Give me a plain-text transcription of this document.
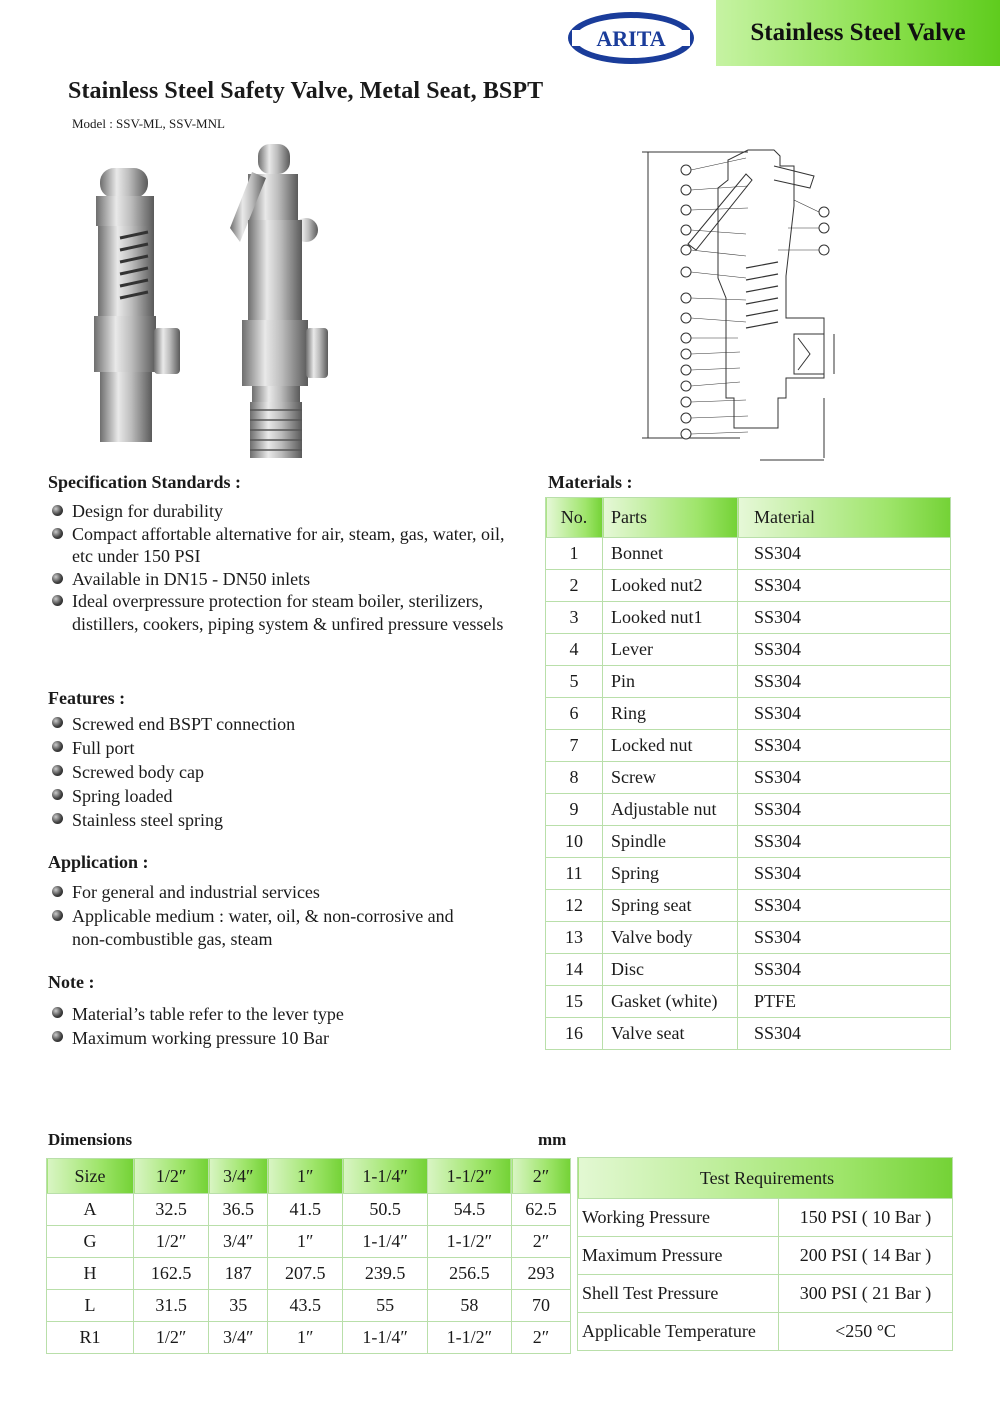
ARITA	Stainless Steel Valve
Stainless Steel Safety Valve, Metal Seat, BSPT
Model : SSV-ML, SSV-MNL
Specification Standards :
Design for durability
Compact affortable alternative for air, steam, gas, water, oil, etc under 150 PSI
Available in DN15 - DN50 inlets
Ideal overpressure protection for steam boiler, sterilizers, distillers, cookers, piping system & unfired pressure vessels
Features :
Screwed end BSPT connection
Full port
Screwed body cap
Spring loaded
Stainless steel spring
Application :
For general and industrial services
Applicable medium : water, oil, & non-corrosive and non-combustible gas, steam
Note :
Material’s table refer to the lever type
Maximum working pressure 10 Bar
Materials :
No.	Parts	Material
1	Bonnet	SS304
2	Looked nut2	SS304
3	Looked nut1	SS304
4	Lever	SS304
5	Pin	SS304
6	Ring	SS304
7	Locked nut	SS304
8	Screw	SS304
9	Adjustable nut	SS304
10	Spindle	SS304
11	Spring	SS304
12	Spring seat	SS304
13	Valve body	SS304
14	Disc	SS304
15	Gasket (white)	PTFE
16	Valve seat	SS304
Dimensions	mm
Size	1/2″	3/4″	1″	1-1/4″	1-1/2″	2″
A	32.5	36.5	41.5	50.5	54.5	62.5
G	1/2″	3/4″	1″	1-1/4″	1-1/2″	2″
H	162.5	187	207.5	239.5	256.5	293
L	31.5	35	43.5	55	58	70
R1	1/2″	3/4″	1″	1-1/4″	1-1/2″	2″
Test Requirements	
Working Pressure	150 PSI ( 10 Bar )
Maximum Pressure	200 PSI ( 14 Bar )
Shell Test Pressure	300 PSI ( 21 Bar )
Applicable Temperature	<250 °C
